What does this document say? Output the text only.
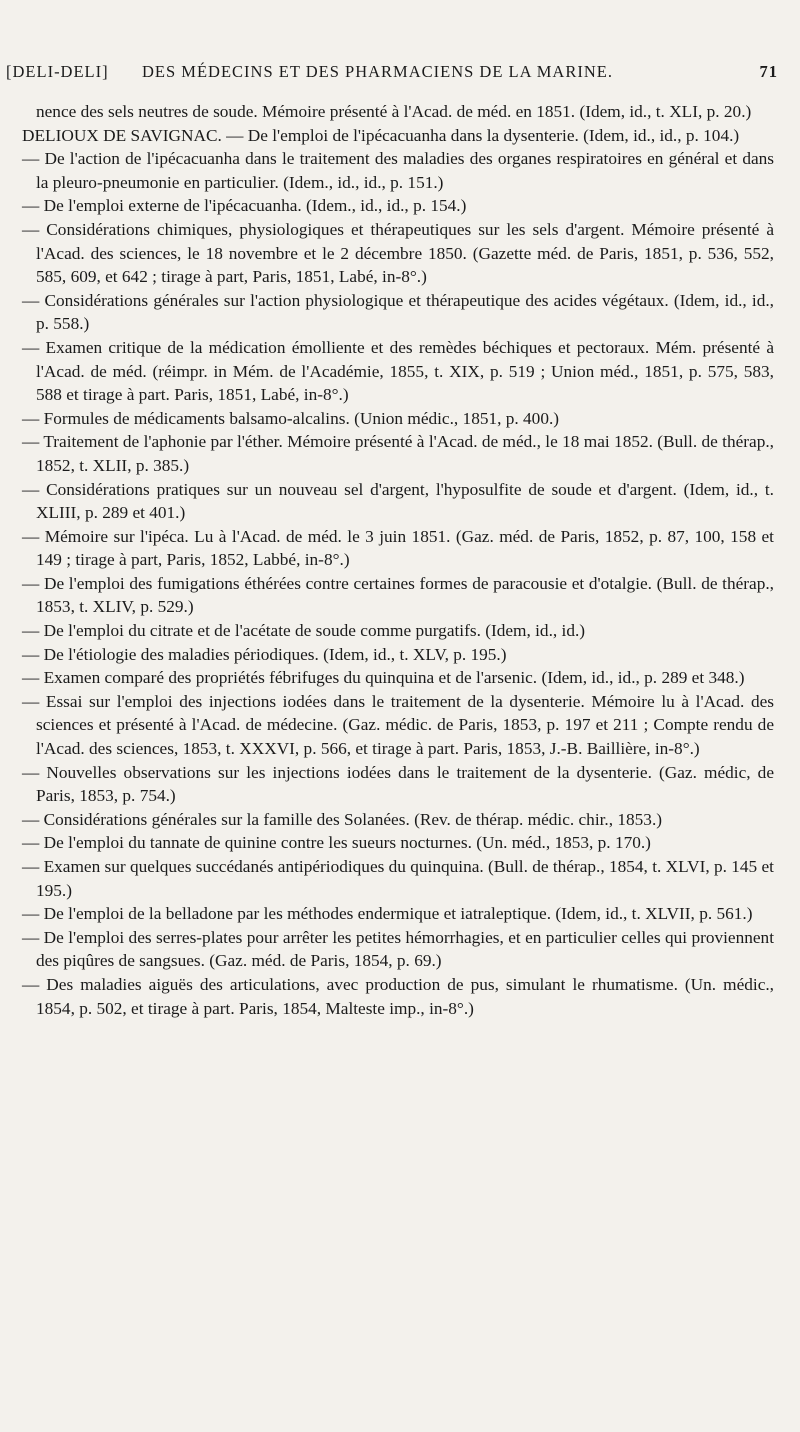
[DELI-DELI] DES MÉDECINS ET DES PHARMACIENS DE LA MARINE.	71

nence des sels neutres de soude. Mémoire présenté à l'Acad. de méd. en 1851. (Idem, id., t. XLI, p. 20.)

DELIOUX DE SAVIGNAC. — De l'emploi de l'ipécacuanha dans la dysenterie. (Idem, id., id., p. 104.)

— De l'action de l'ipécacuanha dans le traitement des maladies des organes respiratoires en général et dans la pleuro-pneumonie en particulier. (Idem., id., id., p. 151.)

— De l'emploi externe de l'ipécacuanha. (Idem., id., id., p. 154.)

— Considérations chimiques, physiologiques et thérapeutiques sur les sels d'argent. Mémoire présenté à l'Acad. des sciences, le 18 novembre et le 2 décembre 1850. (Gazette méd. de Paris, 1851, p. 536, 552, 585, 609, et 642 ; tirage à part, Paris, 1851, Labé, in-8°.)

— Considérations générales sur l'action physiologique et thérapeutique des acides végétaux. (Idem, id., id., p. 558.)

— Examen critique de la médication émolliente et des remèdes béchiques et pectoraux. Mém. présenté à l'Acad. de méd. (réimpr. in Mém. de l'Académie, 1855, t. XIX, p. 519 ; Union méd., 1851, p. 575, 583, 588 et tirage à part. Paris, 1851, Labé, in-8°.)

— Formules de médicaments balsamo-alcalins. (Union médic., 1851, p. 400.)

— Traitement de l'aphonie par l'éther. Mémoire présenté à l'Acad. de méd., le 18 mai 1852. (Bull. de thérap., 1852, t. XLII, p. 385.)

— Considérations pratiques sur un nouveau sel d'argent, l'hyposulfite de soude et d'argent. (Idem, id., t. XLIII, p. 289 et 401.)

— Mémoire sur l'ipéca. Lu à l'Acad. de méd. le 3 juin 1851. (Gaz. méd. de Paris, 1852, p. 87, 100, 158 et 149 ; tirage à part, Paris, 1852, Labbé, in-8°.)

— De l'emploi des fumigations éthérées contre certaines formes de paracousie et d'otalgie. (Bull. de thérap., 1853, t. XLIV, p. 529.)

— De l'emploi du citrate et de l'acétate de soude comme purgatifs. (Idem, id., id.)

— De l'étiologie des maladies périodiques. (Idem, id., t. XLV, p. 195.)

— Examen comparé des propriétés fébrifuges du quinquina et de l'arsenic. (Idem, id., id., p. 289 et 348.)

— Essai sur l'emploi des injections iodées dans le traitement de la dysenterie. Mémoire lu à l'Acad. des sciences et présenté à l'Acad. de médecine. (Gaz. médic. de Paris, 1853, p. 197 et 211 ; Compte rendu de l'Acad. des sciences, 1853, t. XXXVI, p. 566, et tirage à part. Paris, 1853, J.-B. Baillière, in-8°.)

— Nouvelles observations sur les injections iodées dans le traitement de la dysenterie. (Gaz. médic, de Paris, 1853, p. 754.)

— Considérations générales sur la famille des Solanées. (Rev. de thérap. médic. chir., 1853.)

— De l'emploi du tannate de quinine contre les sueurs nocturnes. (Un. méd., 1853, p. 170.)

— Examen sur quelques succédanés antipériodiques du quinquina. (Bull. de thérap., 1854, t. XLVI, p. 145 et 195.)

— De l'emploi de la belladone par les méthodes endermique et iatraleptique. (Idem, id., t. XLVII, p. 561.)

— De l'emploi des serres-plates pour arrêter les petites hémorrhagies, et en particulier celles qui proviennent des piqûres de sangsues. (Gaz. méd. de Paris, 1854, p. 69.)

— Des maladies aiguës des articulations, avec production de pus, simulant le rhumatisme. (Un. médic., 1854, p. 502, et tirage à part. Paris, 1854, Malteste imp., in-8°.)
